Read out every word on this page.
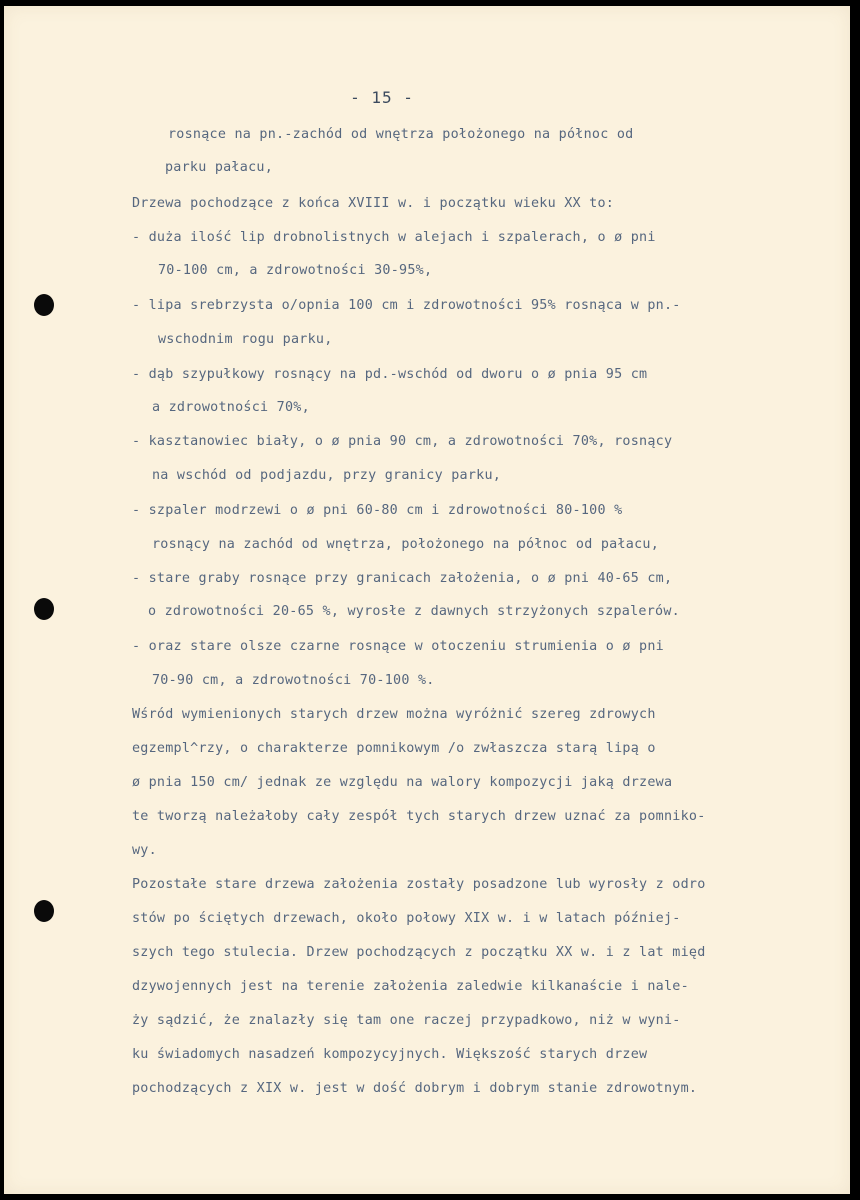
- 15 -
rosnące na pn.-zachód od wnętrza położonego na północ od
parku pałacu,
Drzewa pochodzące z końca XVIII w. i początku wieku XX to:
- duża ilość lip drobnolistnych w alejach i szpalerach, o ø pni
70-100 cm, a zdrowotności 30-95%,
- lipa srebrzysta o/opnia 100 cm i zdrowotności 95% rosnąca w pn.-
wschodnim rogu parku,
- dąb szypułkowy rosnący na pd.-wschód od dworu o ø pnia 95 cm
a zdrowotności 70%,
- kasztanowiec biały, o ø pnia 90 cm, a zdrowotności 70%, rosnący
na wschód od podjazdu, przy granicy parku,
- szpaler modrzewi o ø pni 60-80 cm i zdrowotności 80-100 %
rosnący na zachód od wnętrza, położonego na północ od pałacu,
- stare graby rosnące przy granicach założenia, o ø pni 40-65 cm,
o zdrowotności 20-65 %, wyrosłe z dawnych strzyżonych szpalerów.
- oraz stare olsze czarne rosnące w otoczeniu strumienia o ø pni
70-90 cm, a zdrowotności 70-100 %.
Wśród wymienionych starych drzew można wyróżnić szereg zdrowych
egzempl^rzy, o charakterze pomnikowym /o zwłaszcza starą lipą o
ø pnia 150 cm/ jednak ze względu na walory kompozycji jaką drzewa
te tworzą należałoby cały zespół tych starych drzew uznać za pomniko-
wy.
Pozostałe stare drzewa założenia zostały posadzone lub wyrosły z odro
stów po ściętych drzewach, około połowy XIX w. i w latach później-
szych tego stulecia. Drzew pochodzących z początku XX w. i z lat międ
dzywojennych jest na terenie założenia zaledwie kilkanaście i nale-
ży sądzić, że znalazły się tam one raczej przypadkowo, niż w wyni-
ku świadomych nasadzeń kompozycyjnych. Większość starych drzew
pochodzących z XIX w. jest w dość dobrym i dobrym stanie zdrowotnym.
